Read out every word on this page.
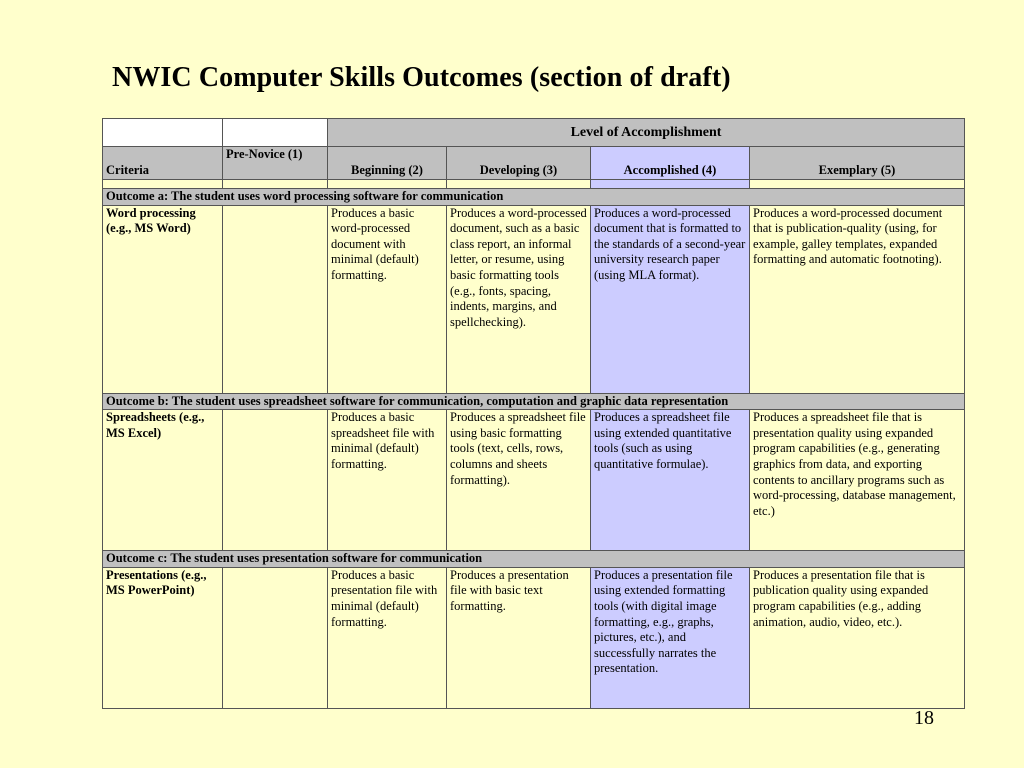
NWIC Computer Skills Outcomes (section of draft)
		Level of Accomplishment			
Criteria	Pre-Novice (1)	Beginning (2)	Developing (3)	Accomplished (4)	Exemplary (5)

Outcome a: The student uses word processing software for communication					
Word processing (e.g., MS Word)		Produces a basic word-processed document with minimal (default) formatting.	Produces a word-processed document, such as a basic class report, an informal letter, or resume, using basic formatting tools (e.g., fonts, spacing, indents, margins, and spellchecking).	Produces a word-processed document that is formatted to the standards of a second-year university research paper (using MLA format).	Produces a word-processed document that is publication-quality (using, for example, galley templates, expanded formatting and automatic footnoting).
Outcome b: The student uses spreadsheet software for communication, computation and graphic data representation					
Spreadsheets (e.g., MS Excel)		Produces a basic spreadsheet file with minimal (default) formatting.	Produces a spreadsheet file using basic formatting tools (text, cells, rows, columns and sheets formatting).	Produces a spreadsheet file using extended quantitative tools (such as using quantitative formulae).	Produces a spreadsheet file that is presentation quality using expanded program capabilities (e.g., generating graphics from data, and exporting contents to ancillary programs such as word-processing, database management, etc.)
Outcome c: The student uses presentation software for communication					
Presentations (e.g., MS PowerPoint)		Produces a basic presentation file with minimal (default) formatting.	Produces a presentation file with basic text formatting.	Produces a presentation file using extended formatting tools (with digital image formatting, e.g., graphs, pictures, etc.), and successfully narrates the presentation.	Produces a presentation file that is publication quality using expanded program capabilities (e.g., adding animation, audio, video, etc.).
18
